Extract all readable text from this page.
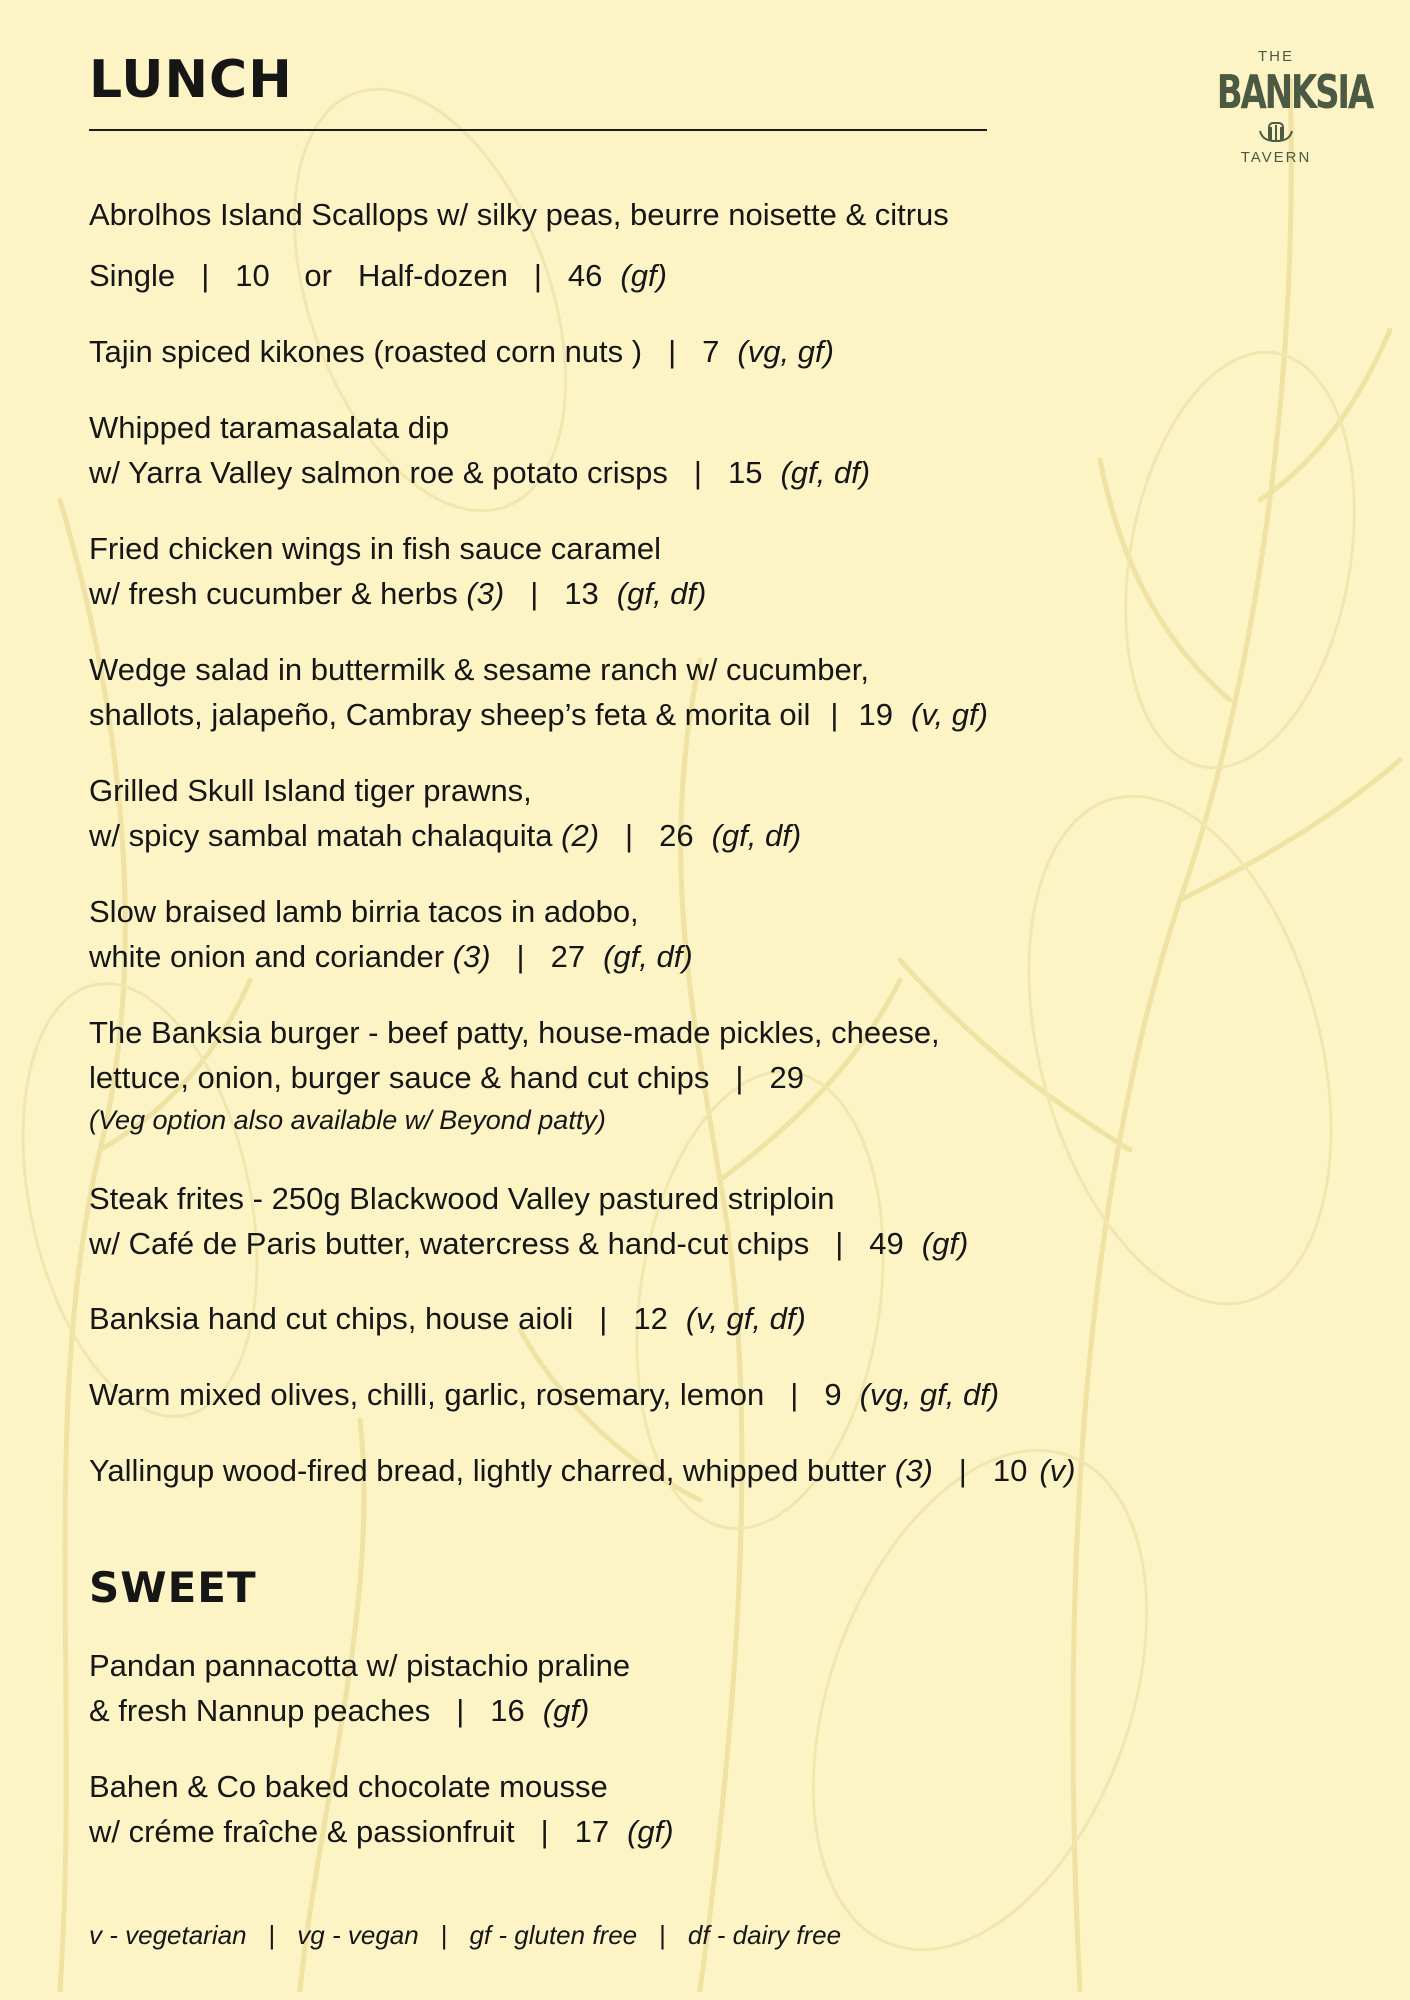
LUNCH	THE
BANKSIA
TAVERN
Abrolhos Island Scallops w/ silky peas, beurre noisette & citrus
Single | 10 or Half-dozen | 46 (gf)
Tajin spiced kikones (roasted corn nuts ) | 7 (vg, gf)
Whipped taramasalata dip
w/ Yarra Valley salmon roe & potato crisps | 15 (gf, df)
Fried chicken wings in fish sauce caramel
w/ fresh cucumber & herbs (3) | 13 (gf, df)
Wedge salad in buttermilk & sesame ranch w/ cucumber,
shallots, jalapeño, Cambray sheep’s feta & morita oil | 19 (v, gf)
Grilled Skull Island tiger prawns,
w/ spicy sambal matah chalaquita (2) | 26 (gf, df)
Slow braised lamb birria tacos in adobo,
white onion and coriander (3) | 27 (gf, df)
The Banksia burger - beef patty, house-made pickles, cheese,
lettuce, onion, burger sauce & hand cut chips | 29
(Veg option also available w/ Beyond patty)
Steak frites - 250g Blackwood Valley pastured striploin
w/ Café de Paris butter, watercress & hand-cut chips | 49 (gf)
Banksia hand cut chips, house aioli | 12 (v, gf, df)
Warm mixed olives, chilli, garlic, rosemary, lemon | 9 (vg, gf, df)
Yallingup wood-fired bread, lightly charred, whipped butter (3) | 10 (v)
SWEET
Pandan pannacotta w/ pistachio praline
& fresh Nannup peaches | 16 (gf)
Bahen & Co baked chocolate mousse
w/ créme fraîche & passionfruit | 17 (gf)
v - vegetarian | vg - vegan | gf - gluten free | df - dairy free
